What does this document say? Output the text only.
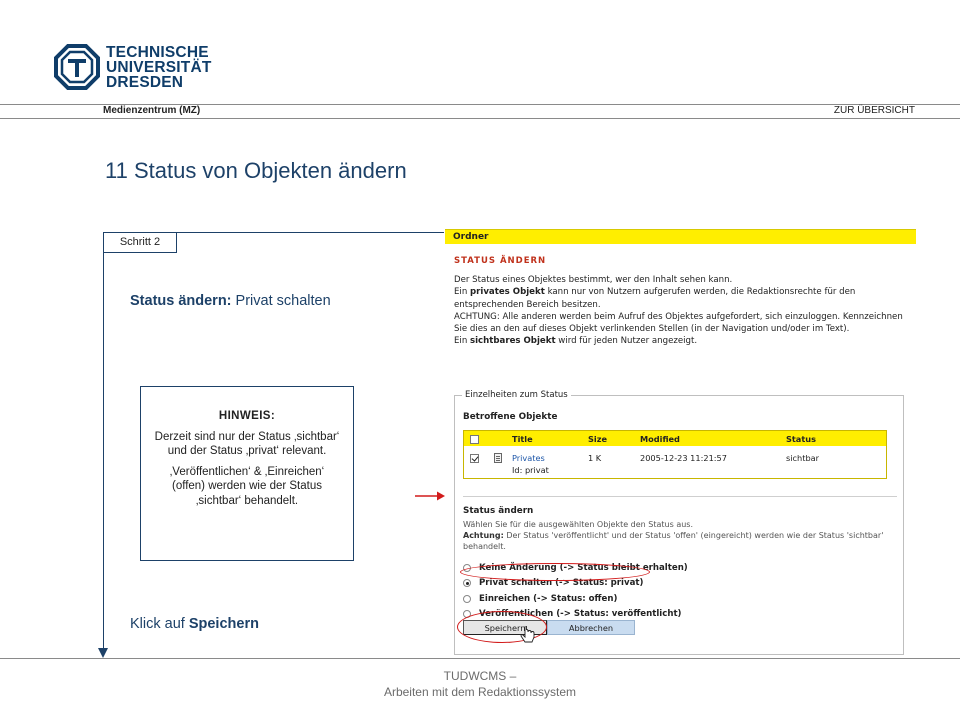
TECHNISCHE
UNIVERSITÄT
DRESDEN
Medienzentrum (MZ)	ZUR ÜBERSICHT
11 Status von Objekten ändern
Schritt 2
Status ändern: Privat schalten
HINWEIS:
Derzeit sind nur der Status ‚sichtbar‘ und der Status ‚privat‘ relevant.
‚Veröffentlichen‘ & ‚Einreichen‘ (offen) werden wie der Status ‚sichtbar‘ behandelt.
Klick auf Speichern
Ordner
STATUS ÄNDERN
Der Status eines Objektes bestimmt, wer den Inhalt sehen kann.
Ein privates Objekt kann nur von Nutzern aufgerufen werden, die Redaktionsrechte für den entsprechenden Bereich besitzen.
ACHTUNG: Alle anderen werden beim Aufruf des Objektes aufgefordert, sich einzuloggen. Kennzeichnen Sie dies an den auf dieses Objekt verlinkenden Stellen (in der Navigation und/oder im Text).
Ein sichtbares Objekt wird für jeden Nutzer angezeigt.
Einzelheiten zum Status
Betroffene Objekte
Title	Size	Modified	Status
Privates
Id: privat
1 K	2005-12-23 11:21:57	sichtbar
Status ändern
Wählen Sie für die ausgewählten Objekte den Status aus.
Achtung: Der Status 'veröffentlicht' und der Status 'offen' (eingereicht) werden wie der Status 'sichtbar' behandelt.
Keine Änderung (-> Status bleibt erhalten)
Privat schalten (-> Status: privat)
Einreichen (-> Status: offen)
Veröffentlichen (-> Status: veröffentlicht)
Speichern	Abbrechen
TUDWCMS –
Arbeiten mit dem Redaktionssystem
